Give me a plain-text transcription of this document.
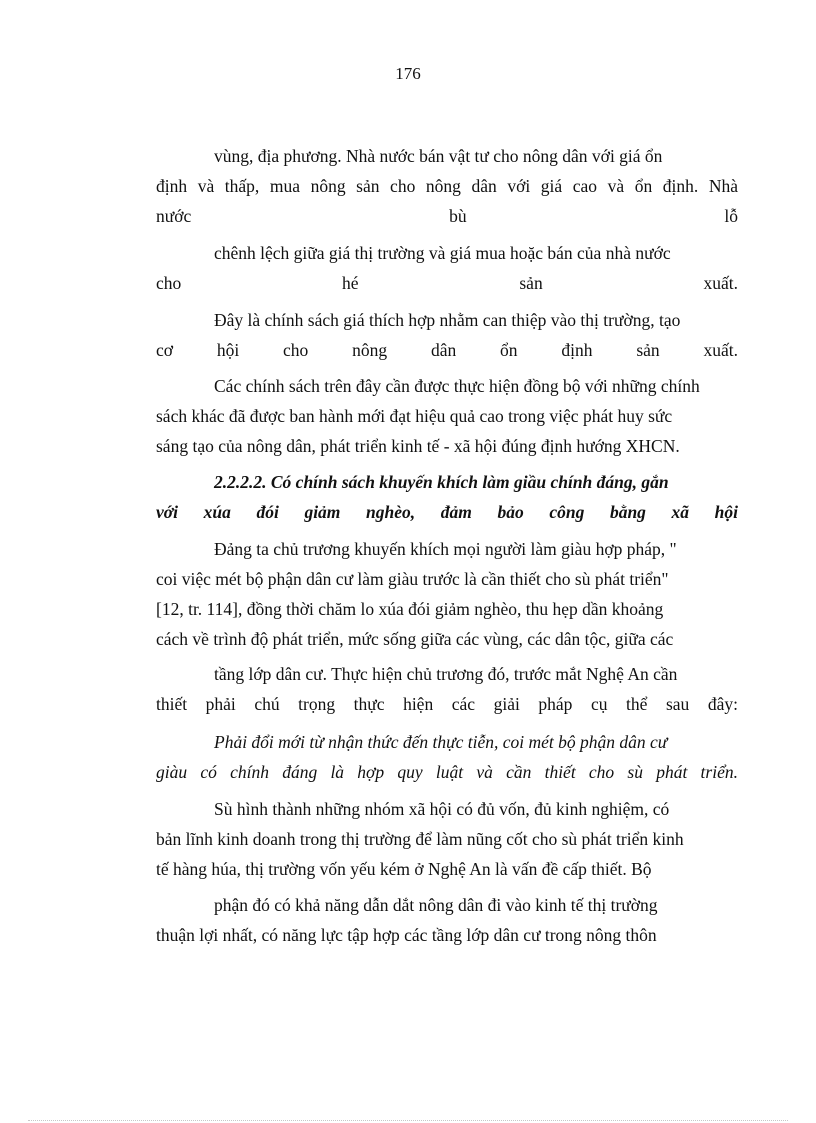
176
vùng, địa phương. Nhà nước bán vật tư cho nông dân với giá ổn
định và thấp, mua nông sản cho nông dân với giá cao và ổn định. Nhà
nước bù lỗ
chênh lệch giữa giá thị trường và giá mua hoặc bán của nhà nước
cho hé sản xuất.
Đây là chính sách giá thích hợp nhằm can thiệp vào thị trường, tạo
cơ hội cho nông dân ổn định sản xuất.
Các chính sách trên đây cần được thực hiện đồng bộ với những chính
sách khác đã được ban hành mới đạt hiệu quả cao trong việc phát huy sức
sáng tạo của nông dân, phát triển kinh tế - xã hội đúng định hướng XHCN.
2.2.2.2. Có chính sách khuyến khích làm giầu chính đáng, gắn
với xúa đói giảm nghèo, đảm bảo công bằng xã hội
Đảng ta chủ trương khuyến khích mọi người làm giàu hợp pháp, "
coi việc mét bộ phận dân cư làm giàu trước là cần thiết cho sù phát triển"
[12, tr. 114], đồng thời chăm lo xúa đói giảm nghèo, thu hẹp dần khoảng
cách về trình độ phát triển, mức sống giữa các vùng, các dân tộc, giữa các
tầng lớp dân cư. Thực hiện chủ trương đó, trước mắt Nghệ An cần
thiết phải chú trọng thực hiện các giải pháp cụ thể sau đây:
Phải đổi mới từ nhận thức đến thực tiễn, coi mét bộ phận dân cư
giàu có chính đáng là hợp quy luật và cần thiết cho sù phát triển.
Sù hình thành những nhóm xã hội có đủ vốn, đủ kinh nghiệm, có
bản lĩnh kinh doanh trong thị trường để làm nũng cốt cho sù phát triển kinh
tế hàng húa, thị trường vốn yếu kém ở Nghệ An là vấn đề cấp thiết. Bộ
phận đó có khả năng dẫn dắt nông dân đi vào kinh tế thị trường
thuận lợi nhất, có năng lực tập hợp các tầng lớp dân cư trong nông thôn
